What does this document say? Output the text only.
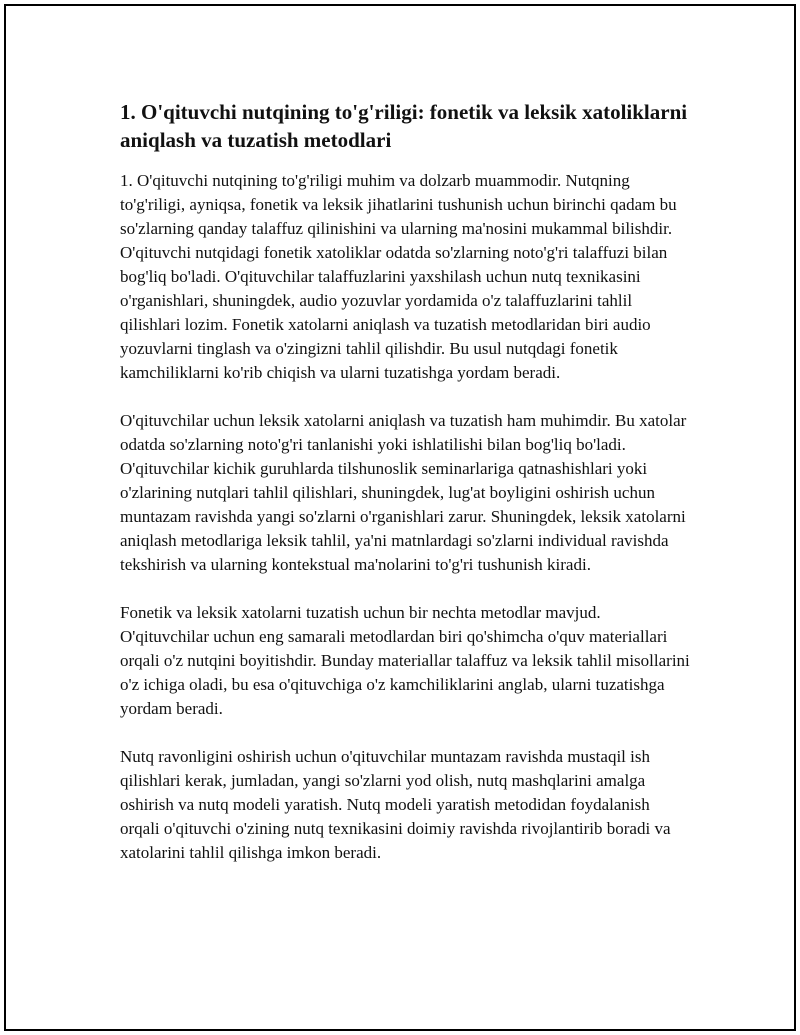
1. O'qituvchi nutqining to'g'riligi: fonetik va leksik xatoliklarni aniqlash va tuzatish metodlari

1. O'qituvchi nutqining to'g'riligi muhim va dolzarb muammodir. Nutqning to'g'riligi, ayniqsa, fonetik va leksik jihatlarini tushunish uchun birinchi qadam bu so'zlarning qanday talaffuz qilinishini va ularning ma'nosini mukammal bilishdir. O'qituvchi nutqidagi fonetik xatoliklar odatda so'zlarning noto'g'ri talaffuzi bilan bog'liq bo'ladi. O'qituvchilar talaffuzlarini yaxshilash uchun nutq texnikasini o'rganishlari, shuningdek, audio yozuvlar yordamida o'z talaffuzlarini tahlil qilishlari lozim. Fonetik xatolarni aniqlash va tuzatish metodlaridan biri audio yozuvlarni tinglash va o'zingizni tahlil qilishdir. Bu usul nutqdagi fonetik kamchiliklarni ko'rib chiqish va ularni tuzatishga yordam beradi.

O'qituvchilar uchun leksik xatolarni aniqlash va tuzatish ham muhimdir. Bu xatolar odatda so'zlarning noto'g'ri tanlanishi yoki ishlatilishi bilan bog'liq bo'ladi. O'qituvchilar kichik guruhlarda tilshunoslik seminarlariga qatnashishlari yoki o'zlarining nutqlari tahlil qilishlari, shuningdek, lug'at boyligini oshirish uchun muntazam ravishda yangi so'zlarni o'rganishlari zarur. Shuningdek, leksik xatolarni aniqlash metodlariga leksik tahlil, ya'ni matnlardagi so'zlarni individual ravishda tekshirish va ularning kontekstual ma'nolarini to'g'ri tushunish kiradi.

Fonetik va leksik xatolarni tuzatish uchun bir nechta metodlar mavjud. O'qituvchilar uchun eng samarali metodlardan biri qo'shimcha o'quv materiallari orqali o'z nutqini boyitishdir. Bunday materiallar talaffuz va leksik tahlil misollarini o'z ichiga oladi, bu esa o'qituvchiga o'z kamchiliklarini anglab, ularni tuzatishga yordam beradi.

Nutq ravonligini oshirish uchun o'qituvchilar muntazam ravishda mustaqil ish qilishlari kerak, jumladan, yangi so'zlarni yod olish, nutq mashqlarini amalga oshirish va nutq modeli yaratish. Nutq modeli yaratish metodidan foydalanish orqali o'qituvchi o'zining nutq texnikasini doimiy ravishda rivojlantirib boradi va xatolarini tahlil qilishga imkon beradi.
